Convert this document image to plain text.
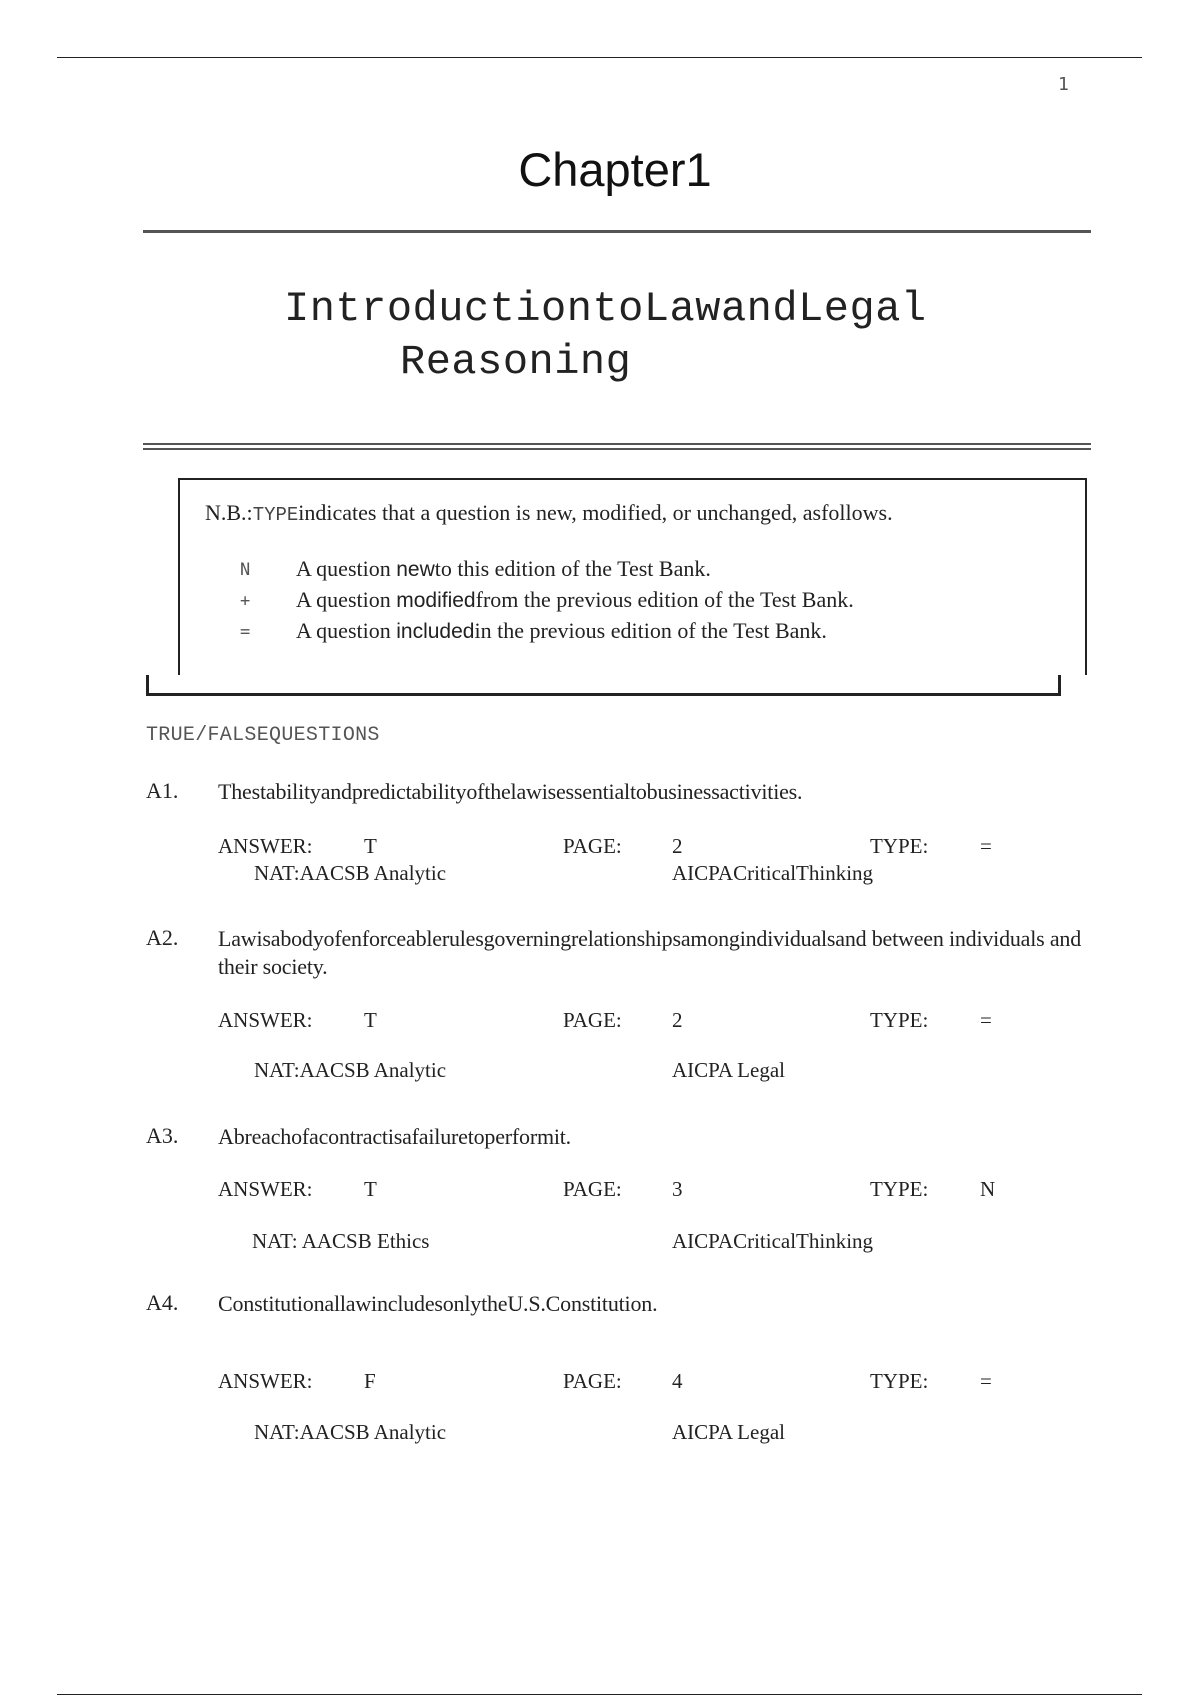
1
Chapter1
IntroductiontoLawandLegal
Reasoning
N.B.:TYPEindicates that a question is new, modified, or unchanged, asfollows.
N A question newto this edition of the Test Bank.
+ A question modifiedfrom the previous edition of the Test Bank.
= A question includedin the previous edition of the Test Bank.
TRUE/FALSEQUESTIONS
A1. Thestabilityandpredictabilityofthelawisessentialtobusinessactivities.
ANSWER: T	PAGE: 2	TYPE: =
NAT:AACSB Analytic	AICPACriticalThinking
A2. Lawisabodyofenforceablerulesgoverningrelationshipsamongindividualsand between individuals and their society.
ANSWER: T	PAGE: 2	TYPE: =
NAT:AACSB Analytic	AICPA Legal
A3. Abreachofacontractisafailuretoperformit.
ANSWER: T	PAGE: 3	TYPE: N
NAT: AACSB Ethics	AICPACriticalThinking
A4. ConstitutionallawincludesonlytheU.S.Constitution.
ANSWER: F	PAGE: 4	TYPE: =
NAT:AACSB Analytic	AICPA Legal
